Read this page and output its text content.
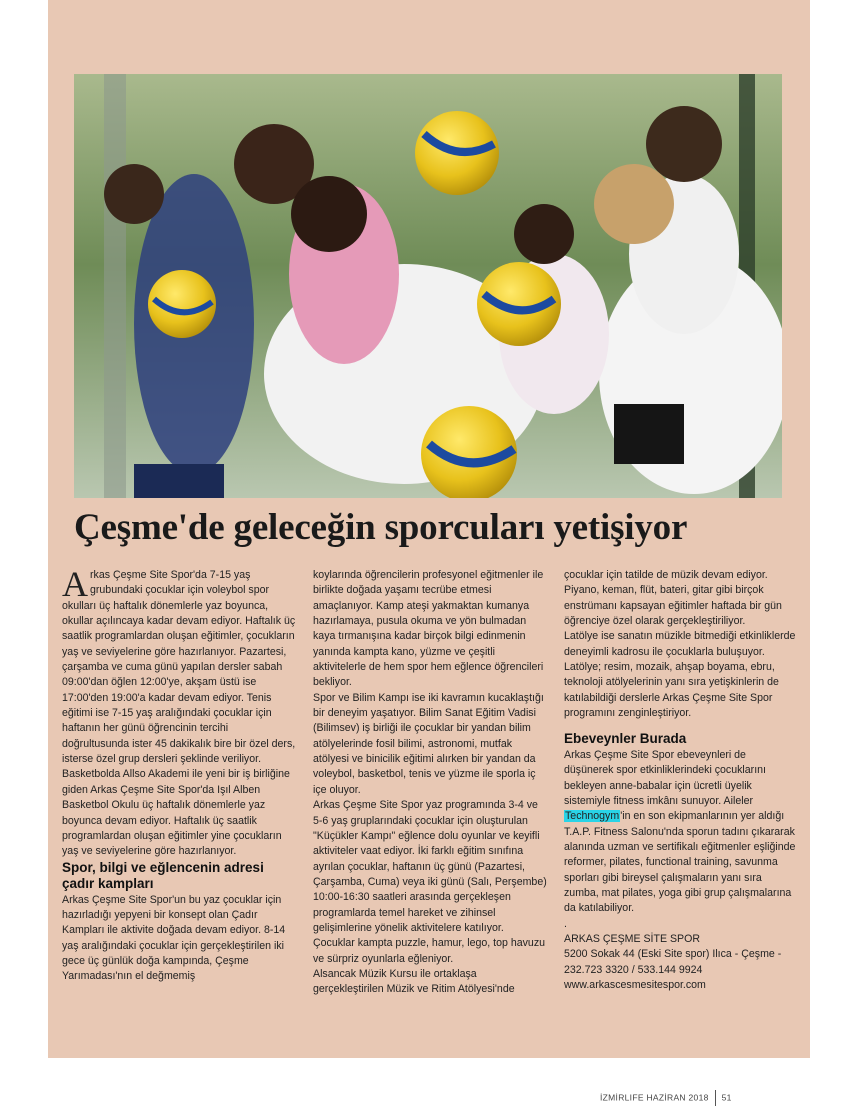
Çeşme'de geleceğin sporcuları yetişiyor

Arkas Çeşme Site Spor'da 7-15 yaş grubundaki çocuklar için voleybol spor okulları üç haftalık dönemlerle yaz boyunca, okullar açılıncaya kadar devam ediyor. Haftalık üç saatlik programlardan oluşan eğitimler, çocukların yaş ve seviyelerine göre hazırlanıyor. Pazartesi, çarşamba ve cuma günü yapılan dersler sabah 09:00'dan öğlen 12:00'ye, akşam üstü ise 17:00'den 19:00'a kadar devam ediyor. Tenis eğitimi ise 7-15 yaş aralığındaki çocuklar için haftanın her günü öğrencinin tercihi doğrultusunda ister 45 dakikalık bire bir özel ders, isterse özel grup dersleri şeklinde veriliyor.

Basketbolda Allso Akademi ile yeni bir iş birliğine giden Arkas Çeşme Site Spor'da Işıl Alben Basketbol Okulu üç haftalık dönemlerle yaz boyunca devam ediyor. Haftalık üç saatlik programlardan oluşan eğitimler yine çocukların yaş ve seviyelerine göre hazırlanıyor.

Spor, bilgi ve eğlencenin adresi çadır kampları

Arkas Çeşme Site Spor'un bu yaz çocuklar için hazırladığı yepyeni bir konsept olan Çadır Kampları ile aktivite doğada devam ediyor. 8-14 yaş aralığındaki çocuklar için gerçekleştirilen iki gece üç günlük doğa kampında, Çeşme Yarımadası'nın el değmemiş

koylarında öğrencilerin profesyonel eğitmenler ile birlikte doğada yaşamı tecrübe etmesi amaçlanıyor. Kamp ateşi yakmaktan kumanya hazırlamaya, pusula okuma ve yön bulmadan kaya tırmanışına kadar birçok bilgi edinmenin yanında kampta kano, yüzme ve çeşitli aktivitelerle de hem spor hem eğlence öğrencileri bekliyor.

Spor ve Bilim Kampı ise iki kavramın kucaklaştığı bir deneyim yaşatıyor. Bilim Sanat Eğitim Vadisi (Bilimsev) iş birliği ile çocuklar bir yandan bilim atölyelerinde fosil bilimi, astronomi, mutfak atölyesi ve binicilik eğitimi alırken bir yandan da voleybol, basketbol, tenis ve yüzme ile sporla iç içe oluyor.

Arkas Çeşme Site Spor yaz programında 3-4 ve 5-6 yaş gruplarındaki çocuklar için oluşturulan "Küçükler Kampı" eğlence dolu oyunlar ve keyifli aktiviteler vaat ediyor. İki farklı eğitim sınıfına ayrılan çocuklar, haftanın üç günü (Pazartesi, Çarşamba, Cuma) veya iki günü (Salı, Perşembe) 10:00-16:30 saatleri arasında gerçekleşen programlarda temel hareket ve zihinsel gelişimlerine yönelik aktivitelere katılıyor. Çocuklar kampta puzzle, hamur, lego, top havuzu ve sürpriz oyunlarla eğleniyor.

Alsancak Müzik Kursu ile ortaklaşa gerçekleştirilen Müzik ve Ritim Atölyesi'nde

çocuklar için tatilde de müzik devam ediyor. Piyano, keman, flüt, bateri, gitar gibi birçok enstrümanı kapsayan eğitimler haftada bir gün öğrenciye özel olarak gerçekleştiriliyor.

Latölye ise sanatın müzikle bitmediği etkinliklerde deneyimli kadrosu ile çocuklarla buluşuyor. Latölye; resim, mozaik, ahşap boyama, ebru, teknoloji atölyelerinin yanı sıra yetişkinlerin de katılabildiği derslerle Arkas Çeşme Site Spor programını zenginleştiriyor.

Ebeveynler Burada

Arkas Çeşme Site Spor ebeveynleri de düşünerek spor etkinliklerindeki çocuklarını bekleyen anne-babalar için ücretli üyelik sistemiyle fitness imkânı sunuyor. Aileler Technogym'in en son ekipmanlarının yer aldığı T.A.P. Fitness Salonu'nda sporun tadını çıkararak alanında uzman ve sertifikalı eğitmenler eşliğinde reformer, pilates, functional training, savunma sporları gibi bireysel çalışmaların yanı sıra zumba, mat pilates, yoga gibi grup çalışmalarına da katılabiliyor.

.

ARKAS ÇEŞME SİTE SPOR

5200 Sokak 44 (Eski Site spor) Ilıca - Çeşme - 232.723 3320 / 533.144 9924

www.arkascesmesitespor.com

İZMİRLIFE HAZİRAN 2018 51
